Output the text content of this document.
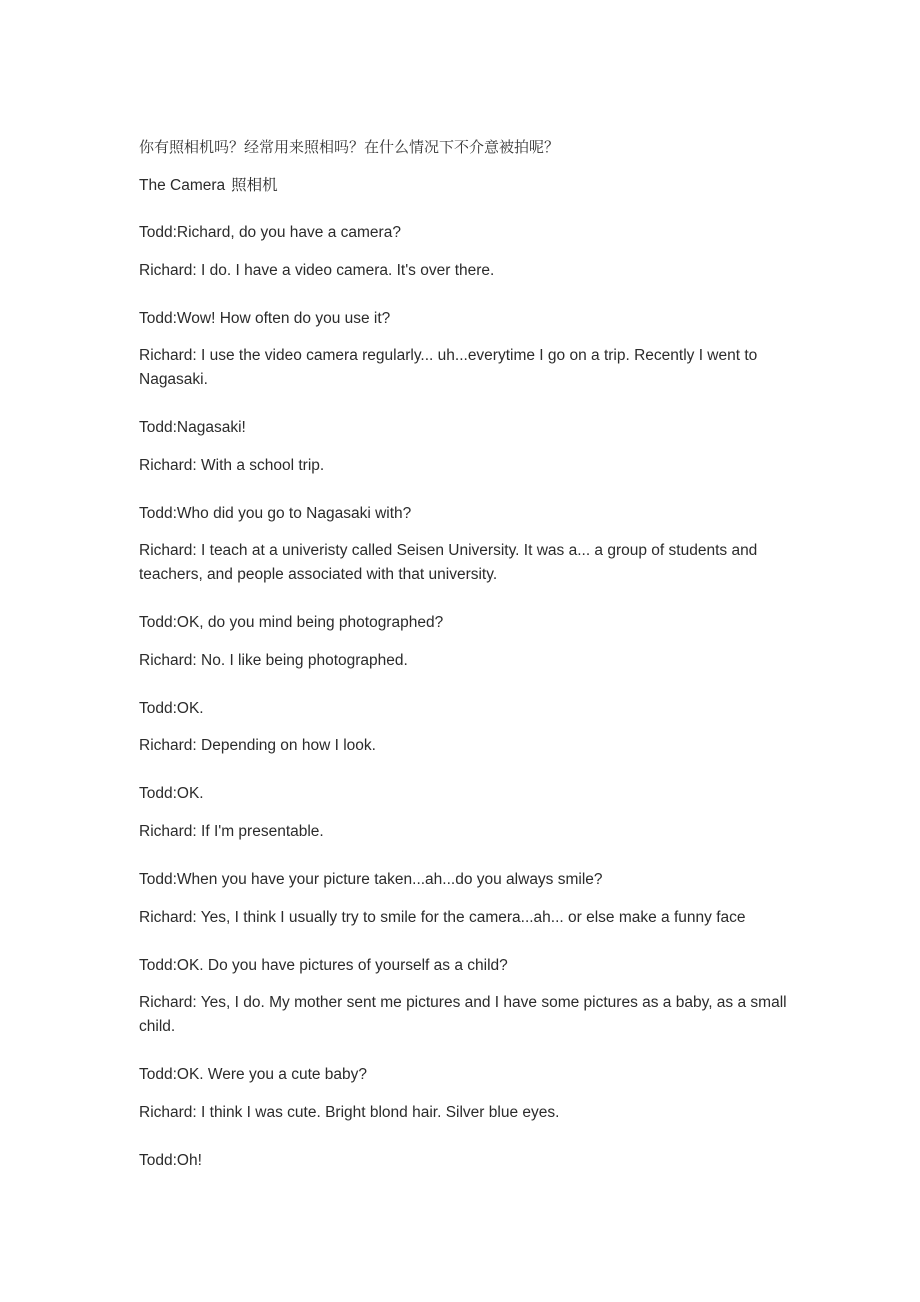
你有照相机吗？经常用来照相吗？在什么情况下不介意被拍呢？

The Camera 照相机

Todd:Richard, do you have a camera?

Richard: I do. I have a video camera. It's over there.

Todd:Wow! How often do you use it?

Richard: I use the video camera regularly... uh...everytime I go on a trip. Recently I went to Nagasaki.

Todd:Nagasaki!

Richard: With a school trip.

Todd:Who did you go to Nagasaki with?

Richard: I teach at a univeristy called Seisen University. It was a... a group of students and teachers, and people associated with that university.

Todd:OK, do you mind being photographed?

Richard: No. I like being photographed.

Todd:OK.

Richard: Depending on how I look.

Todd:OK.

Richard: If I'm presentable.

Todd:When you have your picture taken...ah...do you always smile?

Richard: Yes, I think I usually try to smile for the camera...ah... or else make a funny face

Todd:OK. Do you have pictures of yourself as a child?

Richard: Yes, I do. My mother sent me pictures and I have some pictures as a baby, as a small child.

Todd:OK. Were you a cute baby?

Richard: I think I was cute. Bright blond hair. Silver blue eyes.

Todd:Oh!
